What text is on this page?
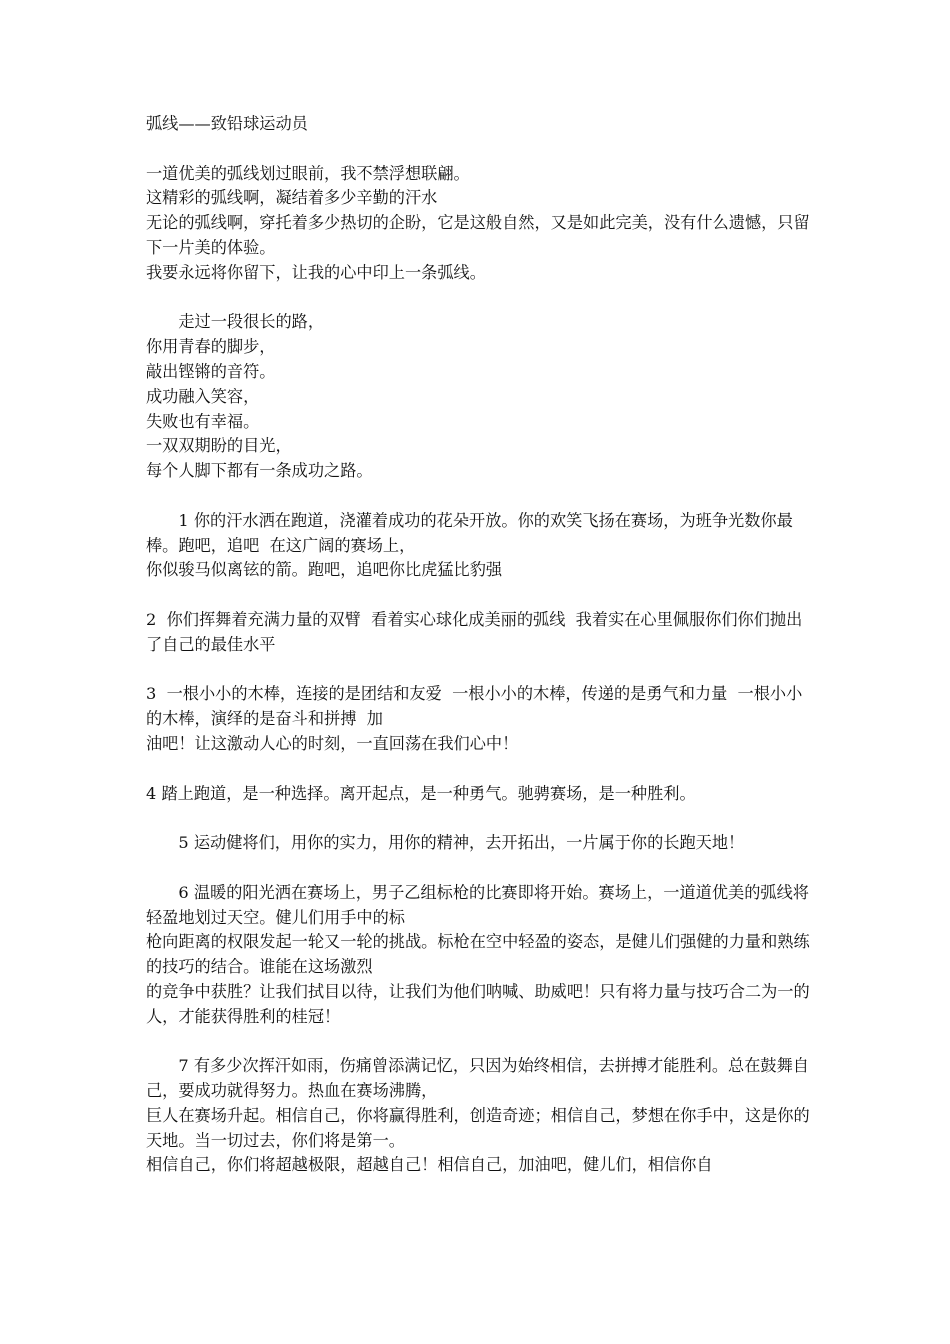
弧线——致铅球运动员

一道优美的弧线划过眼前，我不禁浮想联翩。

这精彩的弧线啊，凝结着多少辛勤的汗水

无论的弧线啊，穿托着多少热切的企盼，它是这般自然，又是如此完美，没有什么遗憾，只留下一片美的体验。

我要永远将你留下，让我的心中印上一条弧线。

　　走过一段很长的路，

你用青春的脚步，

敲出铿锵的音符。

成功融入笑容，

失败也有幸福。

一双双期盼的目光，

每个人脚下都有一条成功之路。

　　1 你的汗水洒在跑道，浇灌着成功的花朵开放。你的欢笑飞扬在赛场，为班争光数你最棒。跑吧，追吧  在这广阔的赛场上，

你似骏马似离铉的箭。跑吧，追吧你比虎猛比豹强

2  你们挥舞着充满力量的双臂  看着实心球化成美丽的弧线  我着实在心里佩服你们你们抛出了自己的最佳水平

3  一根小小的木棒，连接的是团结和友爱  一根小小的木棒，传递的是勇气和力量  一根小小的木棒，演绎的是奋斗和拼搏  加

油吧！让这激动人心的时刻，一直回荡在我们心中！

4 踏上跑道，是一种选择。离开起点，是一种勇气。驰骋赛场，是一种胜利。

　　5 运动健将们，用你的实力，用你的精神，去开拓出，一片属于你的长跑天地！

　　6 温暖的阳光洒在赛场上，男子乙组标枪的比赛即将开始。赛场上，一道道优美的弧线将轻盈地划过天空。健儿们用手中的标

枪向距离的权限发起一轮又一轮的挑战。标枪在空中轻盈的姿态，是健儿们强健的力量和熟练的技巧的结合。谁能在这场激烈

的竞争中获胜？让我们拭目以待，让我们为他们呐喊、助威吧！只有将力量与技巧合二为一的人，才能获得胜利的桂冠！

　　7 有多少次挥汗如雨，伤痛曾添满记忆，只因为始终相信，去拼搏才能胜利。总在鼓舞自己，要成功就得努力。热血在赛场沸腾，

巨人在赛场升起。相信自己，你将赢得胜利，创造奇迹；相信自己，梦想在你手中，这是你的天地。当一切过去，你们将是第一。

相信自己，你们将超越极限，超越自己！相信自己，加油吧，健儿们，相信你自
